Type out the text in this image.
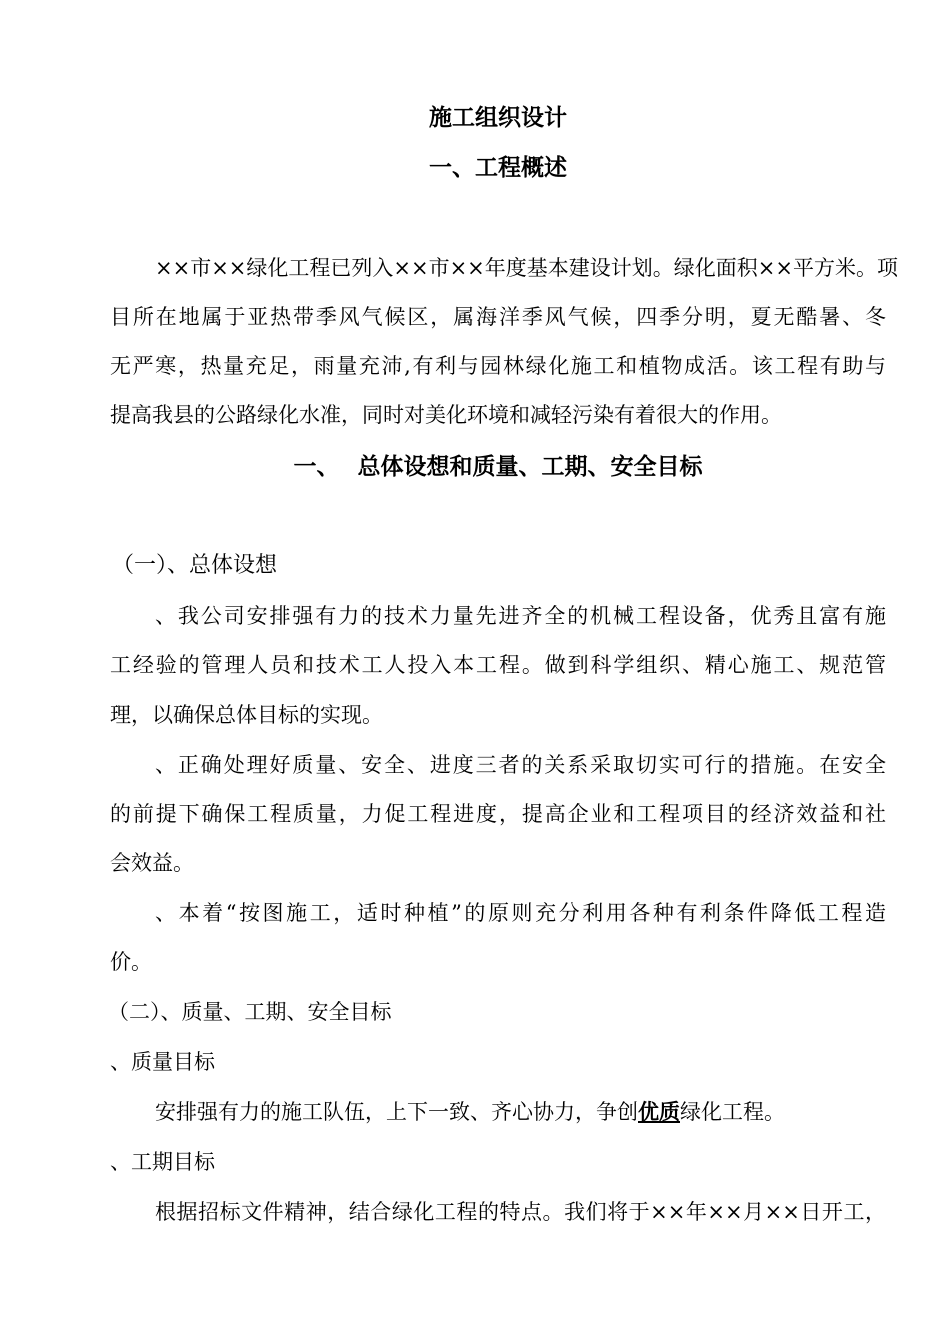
施工组织设计
一、工程概述
××市××绿化工程已列入××市××年度基本建设计划。绿化面积××平方米。项
目所在地属于亚热带季风气候区，属海洋季风气候，四季分明，夏无酷暑、冬
无严寒，热量充足，雨量充沛,有利与园林绿化施工和植物成活。该工程有助与
提高我县的公路绿化水准，同时对美化环境和减轻污染有着很大的作用。
一、 总体设想和质量、工期、安全目标
（一）、总体设想
、我公司安排强有力的技术力量先进齐全的机械工程设备，优秀且富有施
工经验的管理人员和技术工人投入本工程。做到科学组织、精心施工、规范管
理，以确保总体目标的实现。
、正确处理好质量、安全、进度三者的关系采取切实可行的措施。在安全
的前提下确保工程质量，力促工程进度，提高企业和工程项目的经济效益和社
会效益。
、本着“按图施工，适时种植”的原则充分利用各种有利条件降低工程造
价。
（二）、质量、工期、安全目标
、质量目标
安排强有力的施工队伍，上下一致、齐心协力，争创优质绿化工程。
、工期目标
根据招标文件精神，结合绿化工程的特点。我们将于××年××月××日开工，
